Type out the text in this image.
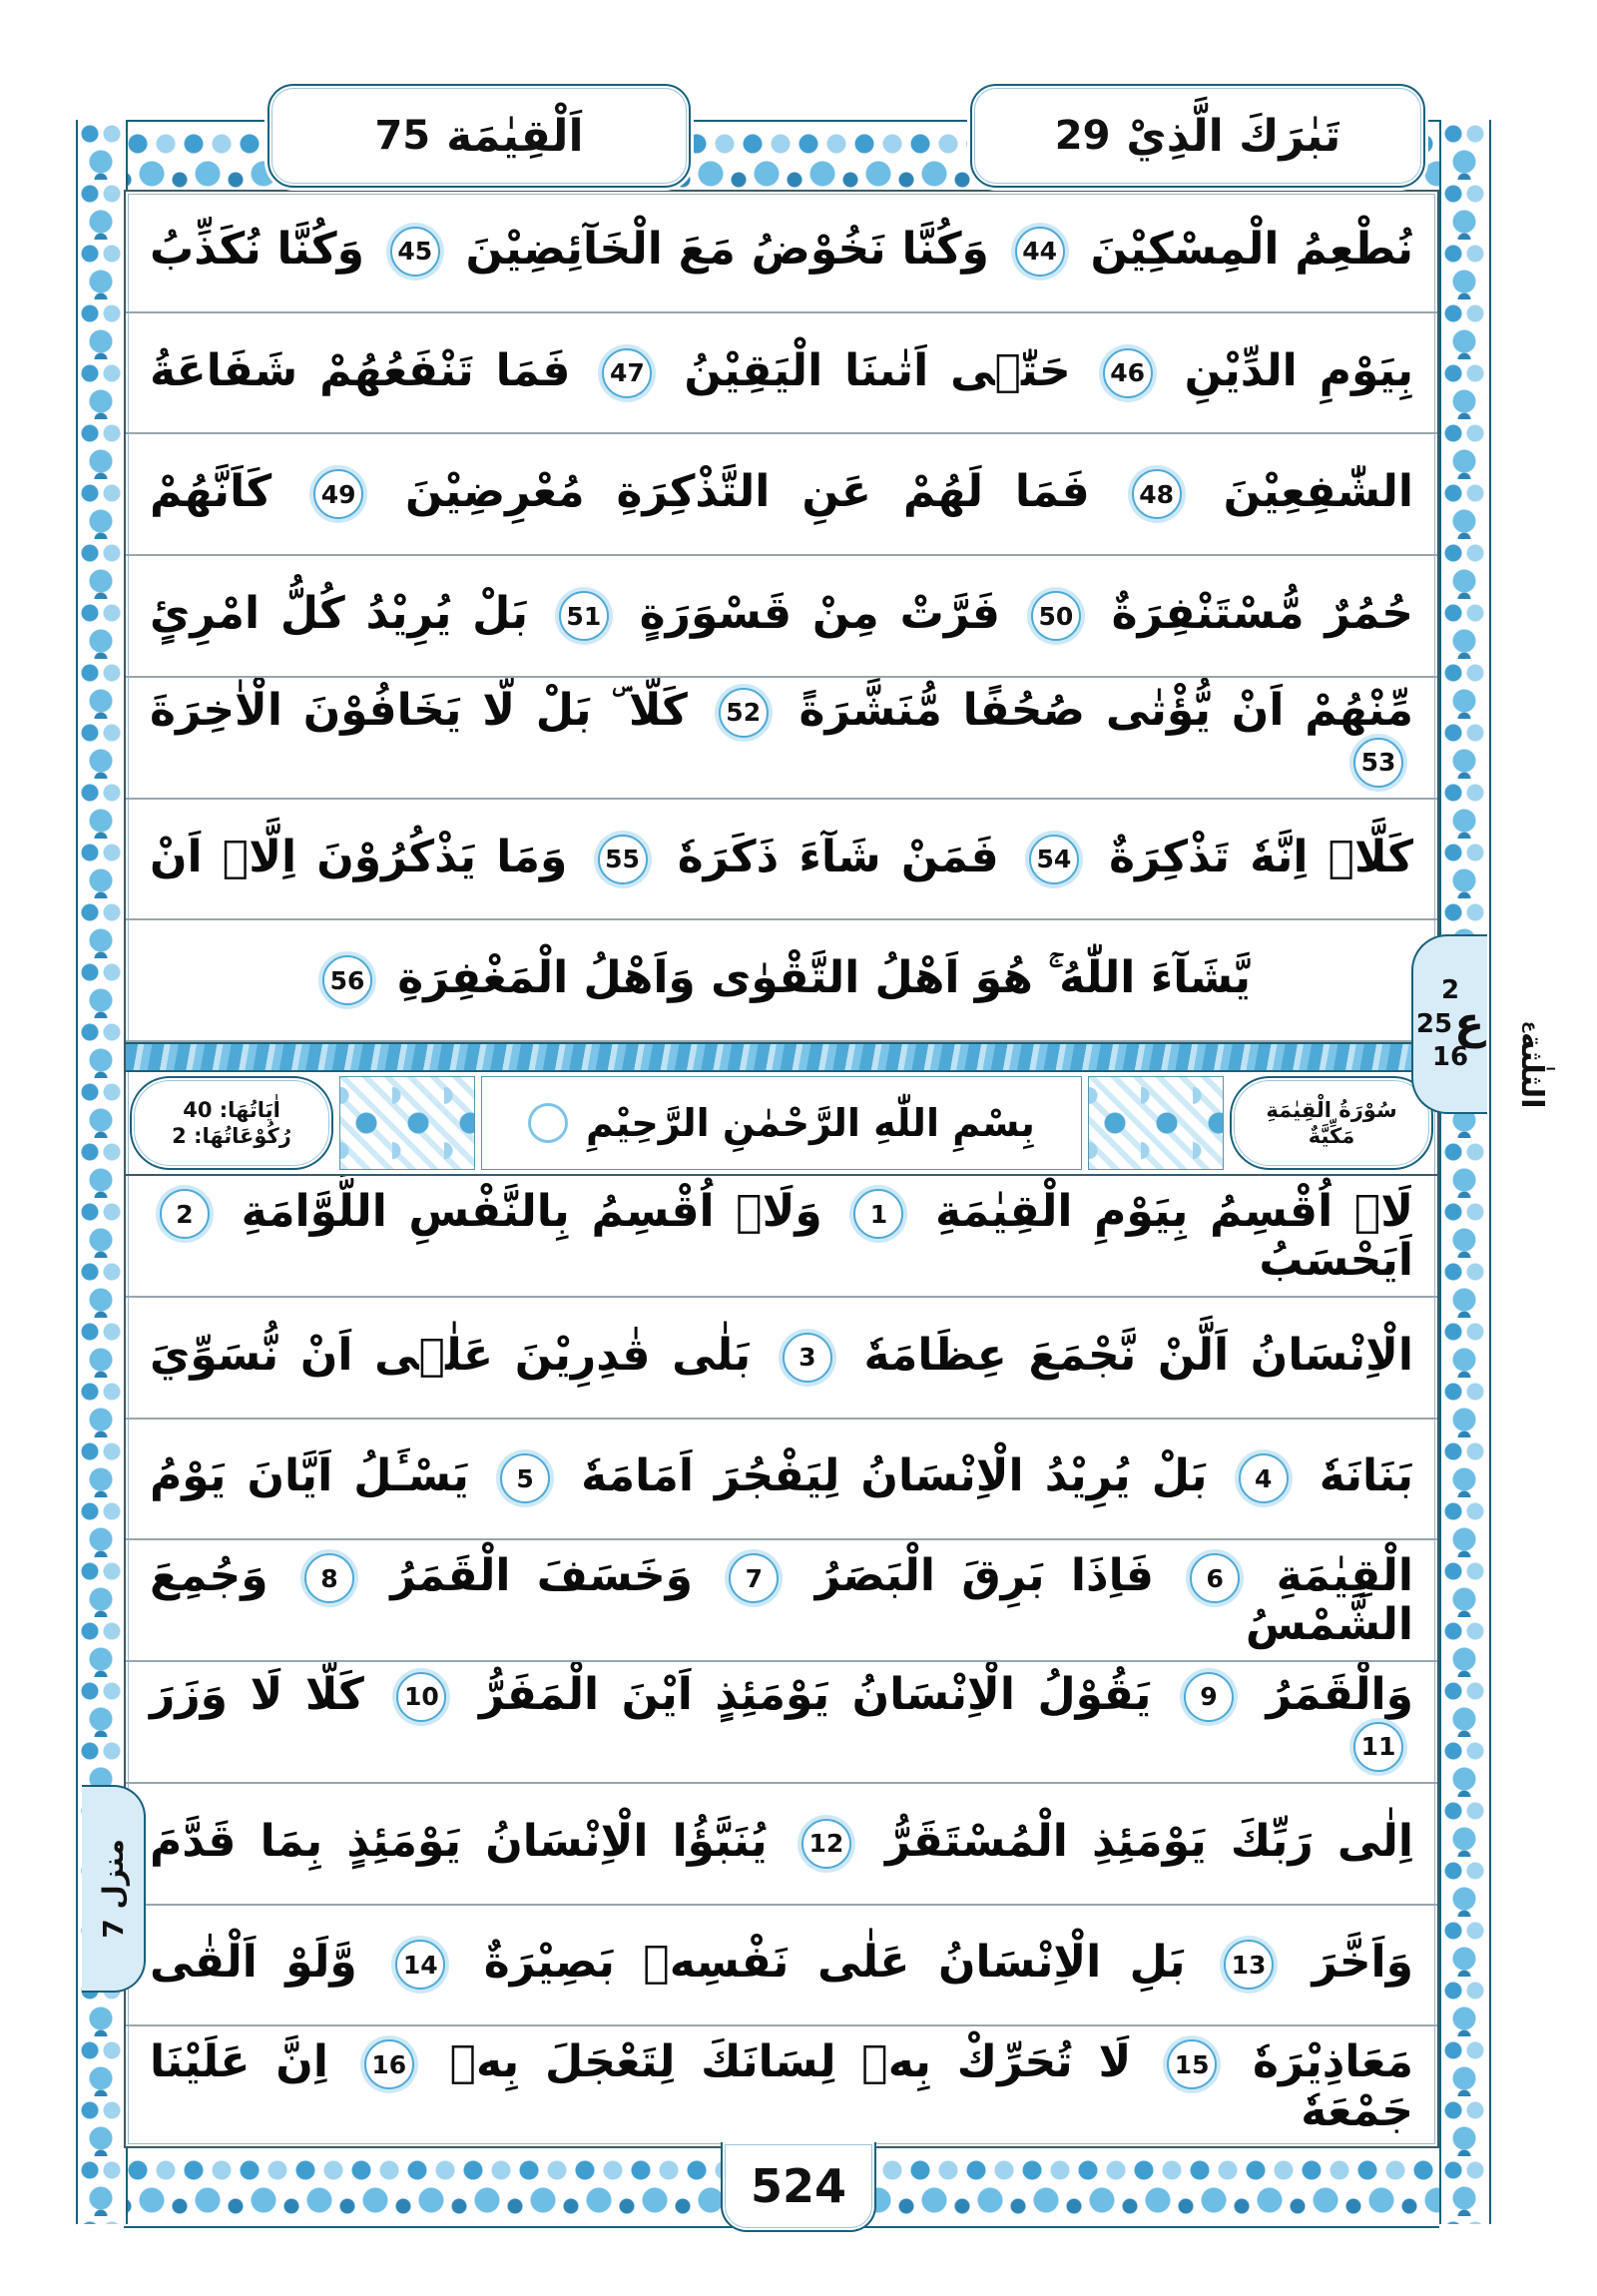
اَلْقِيٰمَة
75	تَبٰرَكَ الَّذِيْ
29
نُطْعِمُ الْمِسْكِيْنَ 44 وَكُنَّا نَخُوْضُ مَعَ الْخَآئِضِيْنَ 45 وَكُنَّا نُكَذِّبُ
بِيَوْمِ الدِّيْنِ 46 حَتّٰۤى اَتٰىنَا الْيَقِيْنُ 47 فَمَا تَنْفَعُهُمْ شَفَاعَةُ
الشّٰفِعِيْنَ 48 فَمَا لَهُمْ عَنِ التَّذْكِرَةِ مُعْرِضِيْنَ 49 كَاَنَّهُمْ
حُمُرٌ مُّسْتَنْفِرَةٌ 50 فَرَّتْ مِنْ قَسْوَرَةٍ 51 بَلْ يُرِيْدُ كُلُّ امْرِئٍ
مِّنْهُمْ اَنْ يُّؤْتٰى صُحُفًا مُّنَشَّرَةً 52 كَلَّا ۜ بَلْ لَّا يَخَافُوْنَ الْاٰخِرَةَ 53
كَلَّاۤ اِنَّهٗ تَذْكِرَةٌ 54 فَمَنْ شَآءَ ذَكَرَهٗ 55 وَمَا يَذْكُرُوْنَ اِلَّاۤ اَنْ
يَّشَآءَ اللّٰهُ ۚ هُوَ اَهْلُ التَّقْوٰى وَاَهْلُ الْمَغْفِرَةِ 56
سُوْرَةُ الْقِيٰمَةِ
مَكِّيَّةٌ
بِسْمِ اللّٰهِ الرَّحْمٰنِ الرَّحِيْمِ
اٰيَاتُهَا: 40
رُكُوْعَاتُهَا: 2
لَاۤ اُقْسِمُ بِيَوْمِ الْقِيٰمَةِ 1 وَلَاۤ اُقْسِمُ بِالنَّفْسِ اللَّوَّامَةِ 2 اَيَحْسَبُ
الْاِنْسَانُ اَلَّنْ نَّجْمَعَ عِظَامَهٗ 3 بَلٰى قٰدِرِيْنَ عَلٰۤى اَنْ نُّسَوِّيَ
بَنَانَهٗ 4 بَلْ يُرِيْدُ الْاِنْسَانُ لِيَفْجُرَ اَمَامَهٗ 5 يَسْـَٔلُ اَيَّانَ يَوْمُ
الْقِيٰمَةِ 6 فَاِذَا بَرِقَ الْبَصَرُ 7 وَخَسَفَ الْقَمَرُ 8 وَجُمِعَ الشَّمْسُ
وَالْقَمَرُ 9 يَقُوْلُ الْاِنْسَانُ يَوْمَئِذٍ اَيْنَ الْمَفَرُّ 10 كَلَّا لَا وَزَرَ 11
اِلٰى رَبِّكَ يَوْمَئِذِ الْمُسْتَقَرُّ 12 يُنَبَّؤُا الْاِنْسَانُ يَوْمَئِذٍ بِمَا قَدَّمَ
وَاَخَّرَ 13 بَلِ الْاِنْسَانُ عَلٰى نَفْسِهٖ بَصِيْرَةٌ 14 وَّلَوْ اَلْقٰى
مَعَاذِيْرَهٗ 15 لَا تُحَرِّكْ بِهٖ لِسَانَكَ لِتَعْجَلَ بِهٖ 16 اِنَّ عَلَيْنَا جَمْعَهٗ
2
ع
25
16 الثلٰثة
ع
منزل 7
524
